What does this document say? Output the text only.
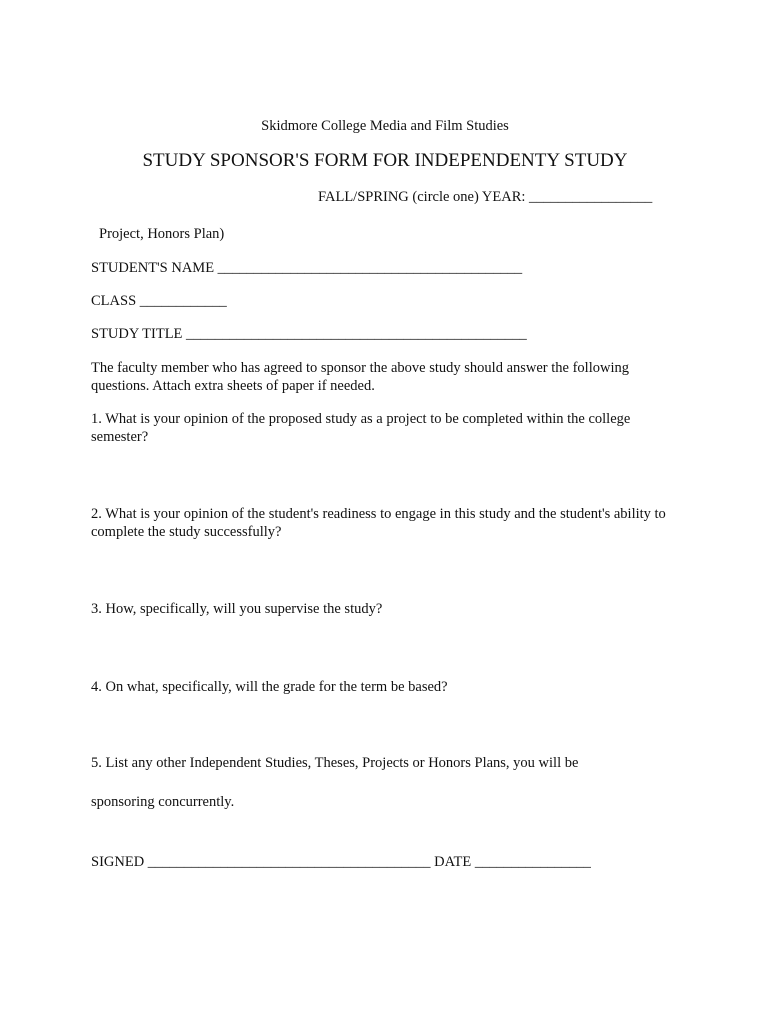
Skidmore College Media and Film Studies
STUDY SPONSOR'S FORM FOR INDEPENDENTY STUDY
FALL/SPRING (circle one) YEAR: _________________
Project, Honors Plan)
STUDENT'S NAME __________________________________________
CLASS ____________
STUDY TITLE _______________________________________________
The faculty member who has agreed to sponsor the above study should answer the following questions. Attach extra sheets of paper if needed.
1. What is your opinion of the proposed study as a project to be completed within the college semester?
2. What is your opinion of the student's readiness to engage in this study and the student's ability to complete the study successfully?
3. How, specifically, will you supervise the study?
4. On what, specifically, will the grade for the term be based?
5. List any other Independent Studies, Theses, Projects or Honors Plans, you will be
sponsoring concurrently.
SIGNED _______________________________________ DATE ________________
